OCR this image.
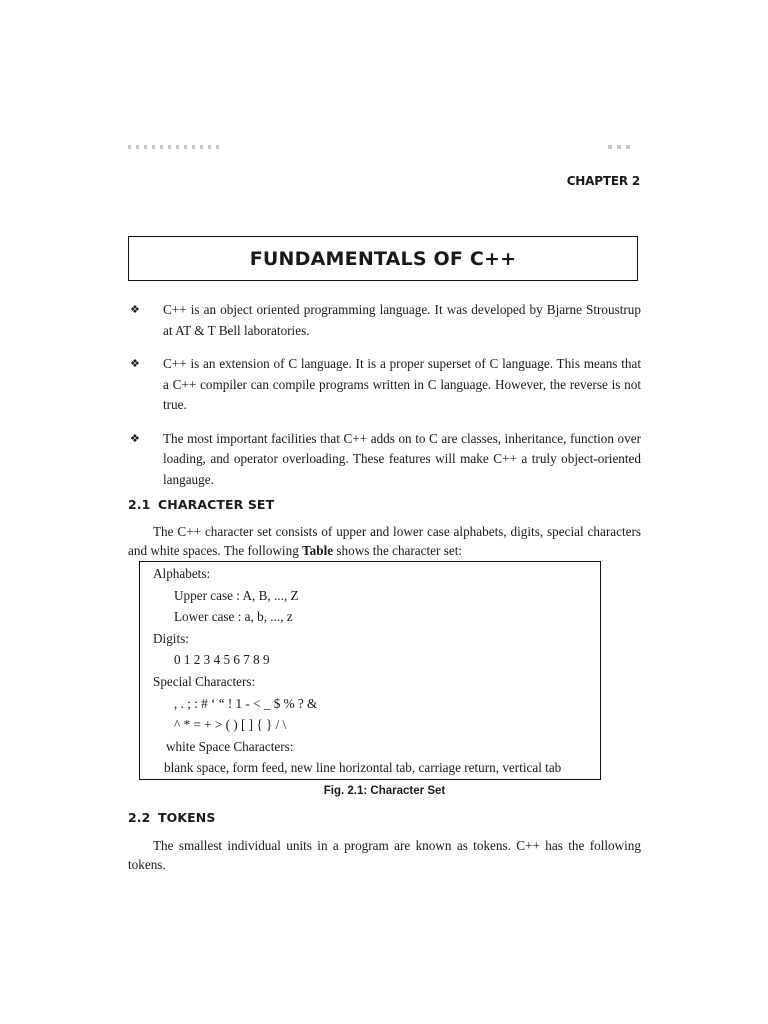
CHAPTER 2
FUNDAMENTALS OF C++
❖	C++ is an object oriented programming language. It was developed by Bjarne Stroustrup at AT & T Bell laboratories.
❖	C++ is an extension of C language. It is a proper superset of C language. This means that a C++ compiler can compile programs written in C language. However, the reverse is not true.
❖	The most important facilities that C++ adds on to C are classes, inheritance, function over loading, and operator overloading. These features will make C++ a truly object-oriented langauge.
2.1 CHARACTER SET
The C++ character set consists of upper and lower case alphabets, digits, special characters and white spaces. The following Table shows the character set:
Alphabets:
Upper case : A, B, ..., Z
Lower case : a, b, ..., z
Digits:
0 1 2 3 4 5 6 7 8 9
Special Characters:
, . ; : # ‘ “ ! 1 - < _ $ % ? &
^ * = + > ( ) [ ] { } / \
white Space Characters:
blank space, form feed, new line horizontal tab, carriage return, vertical tab
Fig. 2.1: Character Set
2.2 TOKENS
The smallest individual units in a program are known as tokens. C++ has the following tokens.
